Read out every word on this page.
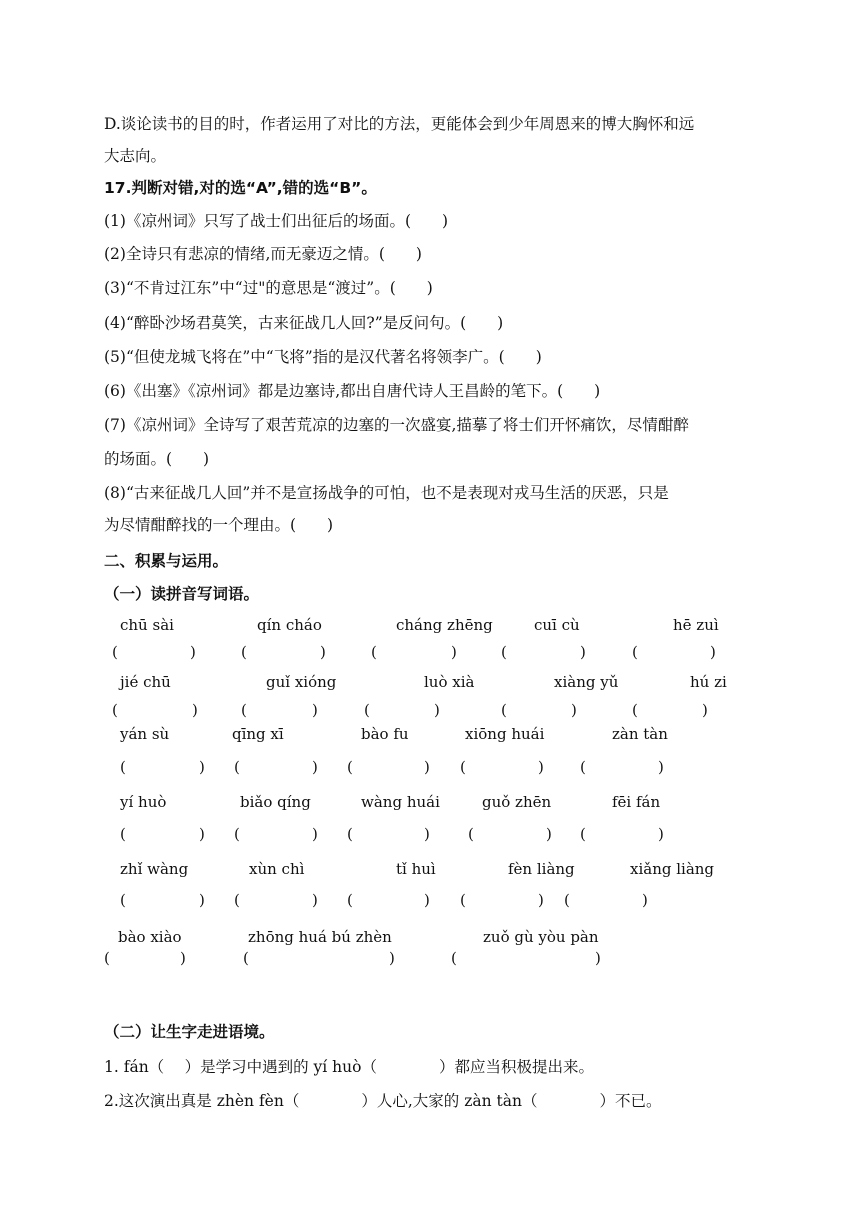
D.谈论读书的目的时，作者运用了对比的方法，更能体会到少年周恩来的博大胸怀和远
大志向。
17.判断对错,对的选“A”,错的选“B”。
(1)《凉州词》只写了战士们出征后的场面。(　　)
(2)全诗只有悲凉的情绪,而无豪迈之情。(　　)
(3)“不肯过江东”中“过"的意思是“渡过”。(　　)
(4)“醉卧沙场君莫笑，古来征战几人回?”是反问句。(　　)
(5)“但使龙城飞将在”中“飞将”指的是汉代著名将领李广。(　　)
(6)《出塞》《凉州词》都是边塞诗,都出自唐代诗人王昌龄的笔下。(　　)
(7)《凉州词》全诗写了艰苦荒凉的边塞的一次盛宴,描摹了将士们开怀痛饮，尽情酣醉
的场面。(　　)
(8)“古来征战几人回”并不是宣扬战争的可怕，也不是表现对戎马生活的厌恶，只是
为尽情酣醉找的一个理由。(　　)
二、积累与运用。
（一）读拼音写词语。
chū sài	qín cháo	cháng zhēng	cuī cù	hē zuì
(	)	(	)	(	)	(	)	(	)
jié chū	guǐ xióng	luò xià	xiàng yǔ	hú zi
(	)	(	)	(	)	(	)	(	)
yán sù	qīng xī	bào fu	xiōng huái	zàn tàn
(	) (	) (	) (	) (	)
yí huò	biǎo qíng	wàng huái	guǒ zhēn	fēi fán
(	) (	) (	)	(	) (	)
zhǐ wàng	xùn chì	tǐ huì	fèn liàng	xiǎng liàng
(	) (	) (	) (	) (	)
bào xiào	zhōng huá bú zhèn	zuǒ gù yòu pàn
(	)	(	)	(	)
（二）让生字走进语境。
1. fán（　 ）是学习中遇到的 yí huò（　　　　）都应当积极提出来。
2.这次演出真是 zhèn fèn（　　　　）人心,大家的 zàn tàn（　　　　）不已。
